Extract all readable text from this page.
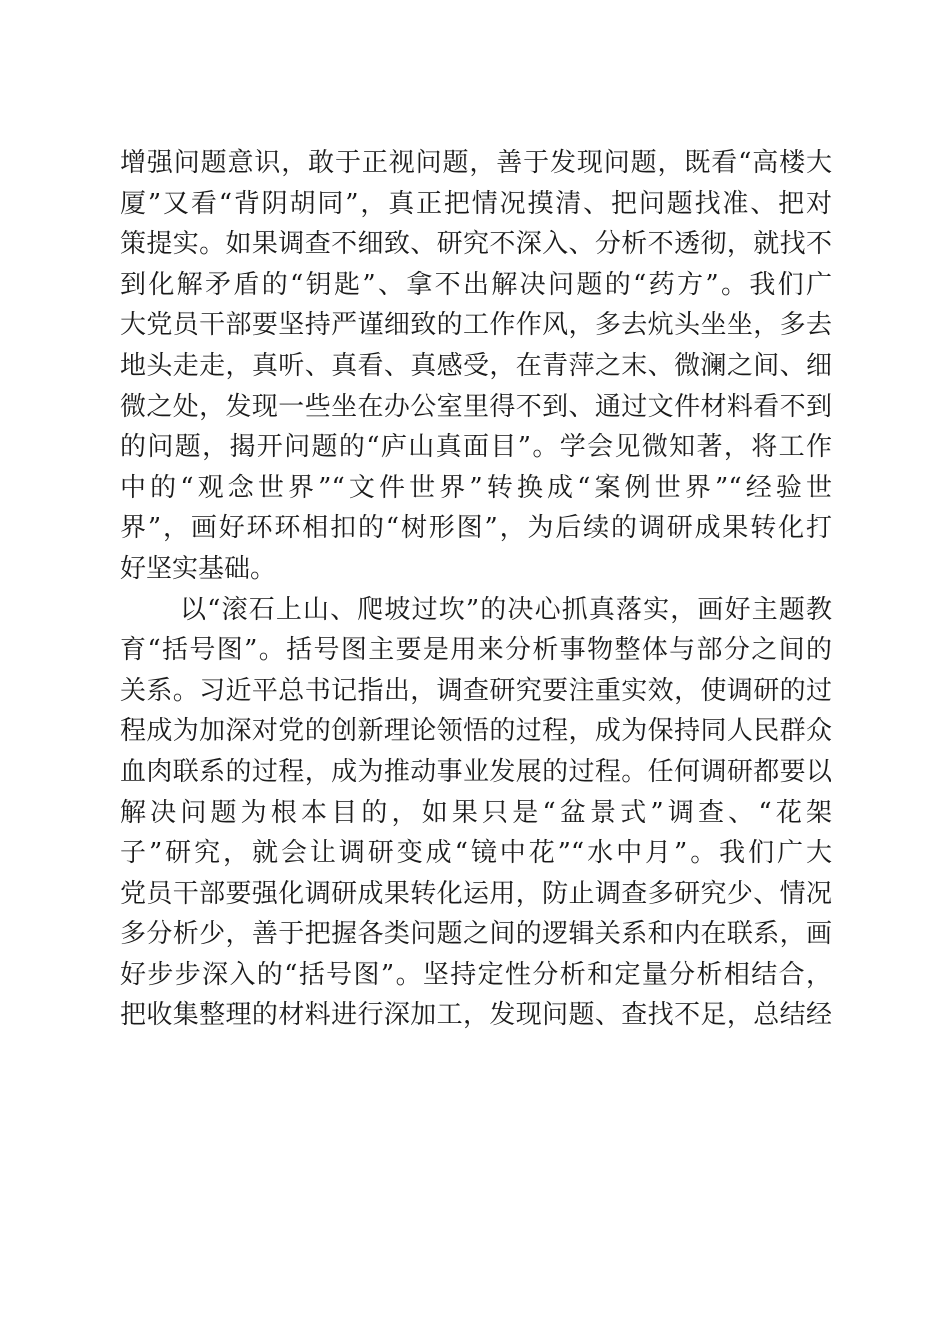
增强问题意识，敢于正视问题，善于发现问题，既看“高楼大
厦”又看“背阴胡同”，真正把情况摸清、把问题找准、把对
策提实。如果调查不细致、研究不深入、分析不透彻，就找不
到化解矛盾的“钥匙”、拿不出解决问题的“药方”。我们广
大党员干部要坚持严谨细致的工作作风，多去炕头坐坐，多去
地头走走，真听、真看、真感受，在青萍之末、微澜之间、细
微之处，发现一些坐在办公室里得不到、通过文件材料看不到
的问题，揭开问题的“庐山真面目”。学会见微知著，将工作
中的“观念世界”“文件世界”转换成“案例世界”“经验世
界”，画好环环相扣的“树形图”，为后续的调研成果转化打
好坚实基础。
以“滚石上山、爬坡过坎”的决心抓真落实，画好主题教
育“括号图”。括号图主要是用来分析事物整体与部分之间的
关系。习近平总书记指出，调查研究要注重实效，使调研的过
程成为加深对党的创新理论领悟的过程，成为保持同人民群众
血肉联系的过程，成为推动事业发展的过程。任何调研都要以
解决问题为根本目的，如果只是“盆景式”调查、“花架
子”研究，就会让调研变成“镜中花”“水中月”。我们广大
党员干部要强化调研成果转化运用，防止调查多研究少、情况
多分析少，善于把握各类问题之间的逻辑关系和内在联系，画
好步步深入的“括号图”。坚持定性分析和定量分析相结合，
把收集整理的材料进行深加工，发现问题、查找不足，总结经
